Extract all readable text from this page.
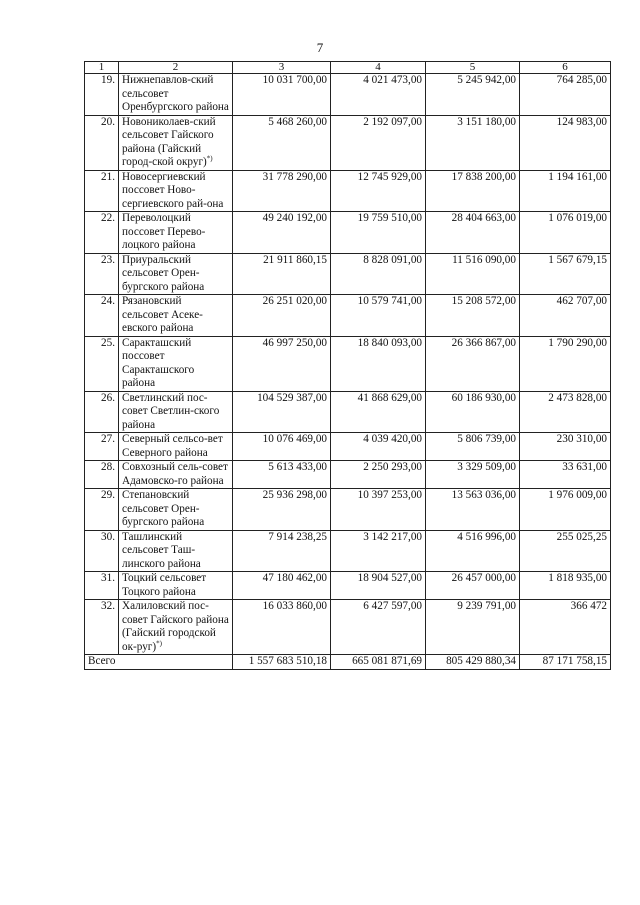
7
1	2	3	4	5	6
19.	Нижнепавлов-ский сельсовет Оренбургского района	10 031 700,00	4 021 473,00	5 245 942,00	764 285,00
20.	Новониколаев-ский сельсовет Гайского района (Гайский город-ской округ)*)	5 468 260,00	2 192 097,00	3 151 180,00	124 983,00
21.	Новосергиевский поссовет Ново-сергиевского рай-она	31 778 290,00	12 745 929,00	17 838 200,00	1 194 161,00
22.	Переволоцкий поссовет Перево-лоцкого района	49 240 192,00	19 759 510,00	28 404 663,00	1 076 019,00
23.	Приуральский сельсовет Орен-бургского района	21 911 860,15	8 828 091,00	11 516 090,00	1 567 679,15
24.	Рязановский сельсовет Асеке-евского района	26 251 020,00	10 579 741,00	15 208 572,00	462 707,00
25.	Саракташский поссовет Саракташского района	46 997 250,00	18 840 093,00	26 366 867,00	1 790 290,00
26.	Светлинский пос-совет Светлин-ского района	104 529 387,00	41 868 629,00	60 186 930,00	2 473 828,00
27.	Северный сельсо-вет Северного района	10 076 469,00	4 039 420,00	5 806 739,00	230 310,00
28.	Совхозный сель-совет Адамовско-го района	5 613 433,00	2 250 293,00	3 329 509,00	33 631,00
29.	Степановский сельсовет Орен-бургского района	25 936 298,00	10 397 253,00	13 563 036,00	1 976 009,00
30.	Ташлинский сельсовет Таш-линского района	7 914 238,25	3 142 217,00	4 516 996,00	255 025,25
31.	Тоцкий сельсовет Тоцкого района	47 180 462,00	18 904 527,00	26 457 000,00	1 818 935,00
32.	Халиловский пос-совет Гайского района (Гайский городской ок-руг)*)	16 033 860,00	6 427 597,00	9 239 791,00	366 472
Всего		1 557 683 510,18	665 081 871,69	805 429 880,34	87 171 758,15
